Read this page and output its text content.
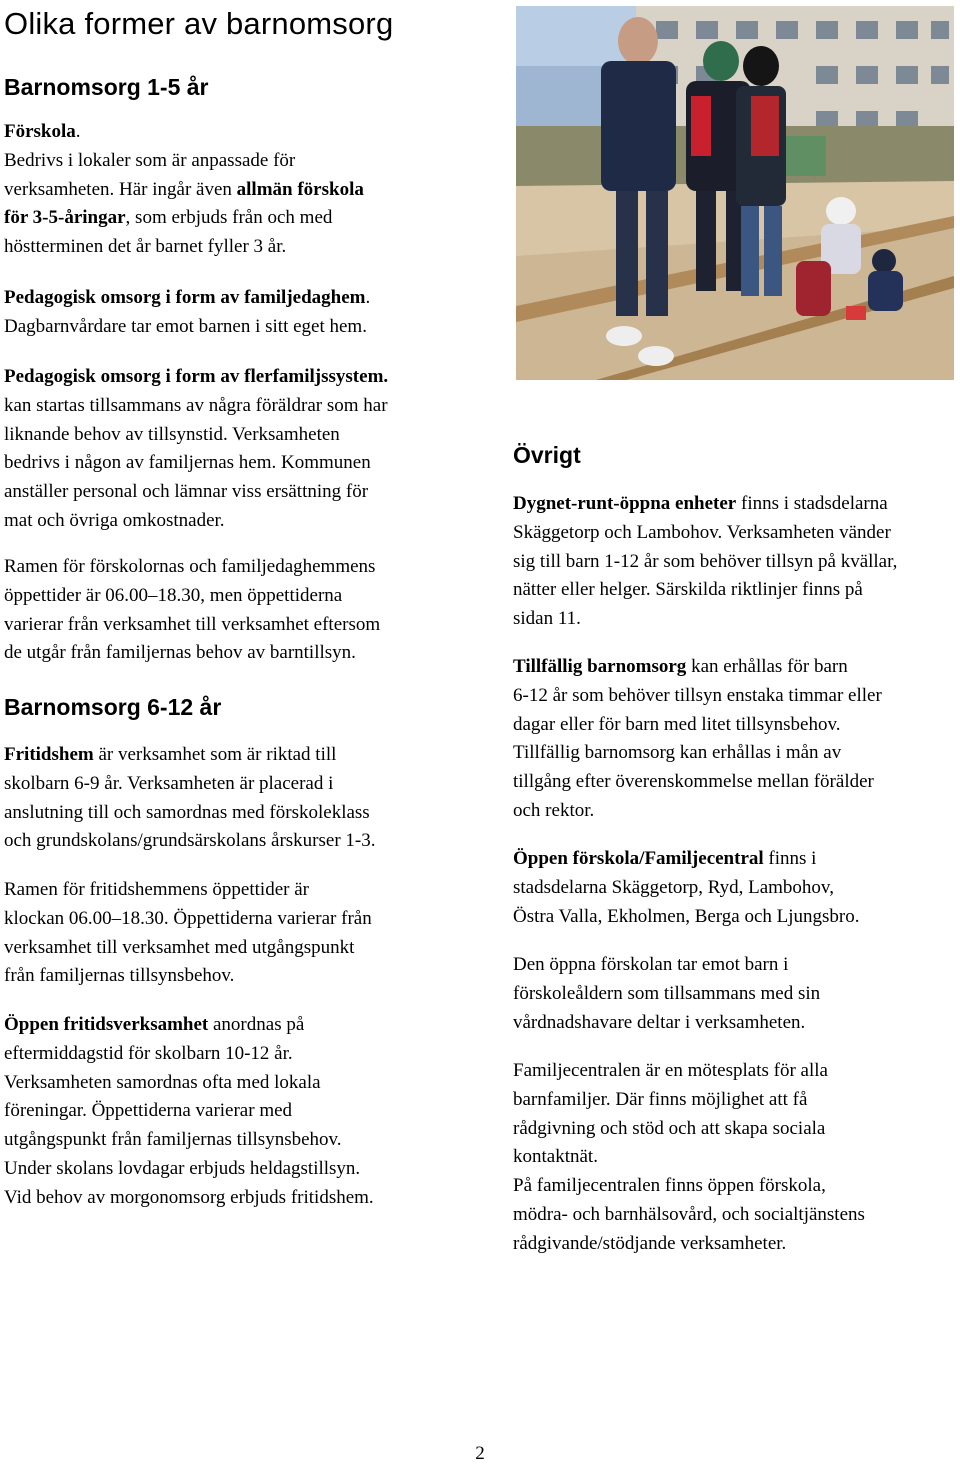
Olika former av barnomsorg
Barnomsorg 1-5 år

Förskola.

Bedrivs i lokaler som är anpassade för

verksamheten. Här ingår även allmän förskola

för 3-5-åringar, som erbjuds från och med

höstterminen det år barnet fyller 3 år.

Pedagogisk omsorg i form av familjedaghem.

Dagbarnvårdare tar emot barnen i sitt eget hem.

Pedagogisk omsorg i form av flerfamiljssystem.

kan startas tillsammans av några föräldrar som har

liknande behov av tillsynstid. Verksamheten

bedrivs i någon av familjernas hem. Kommunen

anställer personal och lämnar viss ersättning för

mat och övriga omkostnader.

Ramen för förskolornas och familjedaghemmens

öppettider är 06.00–18.30, men öppettiderna

varierar från verksamhet till verksamhet eftersom

de utgår från familjernas behov av barntillsyn.

Barnomsorg 6-12 år

Fritidshem är verksamhet som är riktad till

skolbarn 6-9 år. Verksamheten är placerad i

anslutning till och samordnas med förskoleklass

och grundskolans/grundsärskolans årskurser 1-3.

Ramen för fritidshemmens öppettider är

klockan 06.00–18.30. Öppettiderna varierar från

verksamhet till verksamhet med utgångspunkt

från familjernas tillsynsbehov.

Öppen fritidsverksamhet anordnas på

eftermiddagstid för skolbarn 10-12 år.

Verksamheten samordnas ofta med lokala

föreningar. Öppettiderna varierar med

utgångspunkt från familjernas tillsynsbehov.

Under skolans lovdagar erbjuds heldagstillsyn.

Vid behov av morgonomsorg erbjuds fritidshem.

Övrigt

Dygnet-runt-öppna enheter finns i stadsdelarna

Skäggetorp och Lambohov. Verksamheten vänder

sig till barn 1-12 år som behöver tillsyn på kvällar,

nätter eller helger. Särskilda riktlinjer finns på

sidan 11.

Tillfällig barnomsorg kan erhållas för barn

6-12 år som behöver tillsyn enstaka timmar eller

dagar eller för barn med litet tillsynsbehov.

Tillfällig barnomsorg kan erhållas i mån av

tillgång efter överenskommelse mellan förälder

och rektor.

Öppen förskola/Familjecentral finns i

stadsdelarna Skäggetorp, Ryd, Lambohov,

Östra Valla, Ekholmen, Berga och Ljungsbro.

Den öppna förskolan tar emot barn i

förskoleåldern som tillsammans med sin

vårdnadshavare deltar i verksamheten.

Familjecentralen är en mötesplats för alla

barnfamiljer. Där finns möjlighet att få

rådgivning och stöd och att skapa sociala

kontaktnät.

På familjecentralen finns öppen förskola,

mödra- och barnhälsovård, och socialtjänstens

rådgivande/stödjande verksamheter.

2
